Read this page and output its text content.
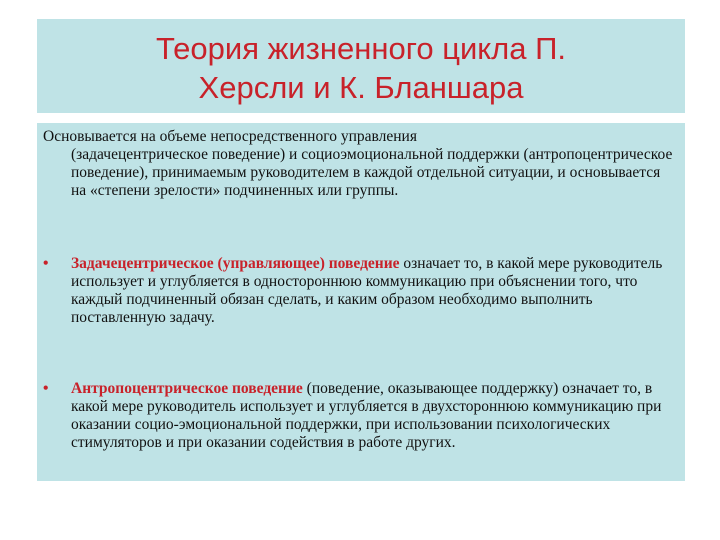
Теория жизненного цикла П.
Херсли и К. Бланшара
Основывается на объеме непосредственного управления
(задачецентрическое поведение) и социоэмоциональной поддержки (антропоцентрическое поведение), принимаемым руководителем в каждой отдельной ситуации, и основывается на «степени зрелости» подчиненных или группы.
•	Задачецентрическое (управляющее) поведение означает то, в какой мере руководитель использует и углубляется в одностороннюю коммуникацию при объяснении того, что каждый подчиненный обязан сделать, и каким образом необходимо выполнить поставленную задачу.
•	Антропоцентрическое поведение (поведение, оказывающее поддержку) означает то, в какой мере руководитель использует и углубляется в двухстороннюю коммуникацию при оказании социо-эмоциональной поддержки, при использовании психологических стимуляторов и при оказании содействия в работе других.
